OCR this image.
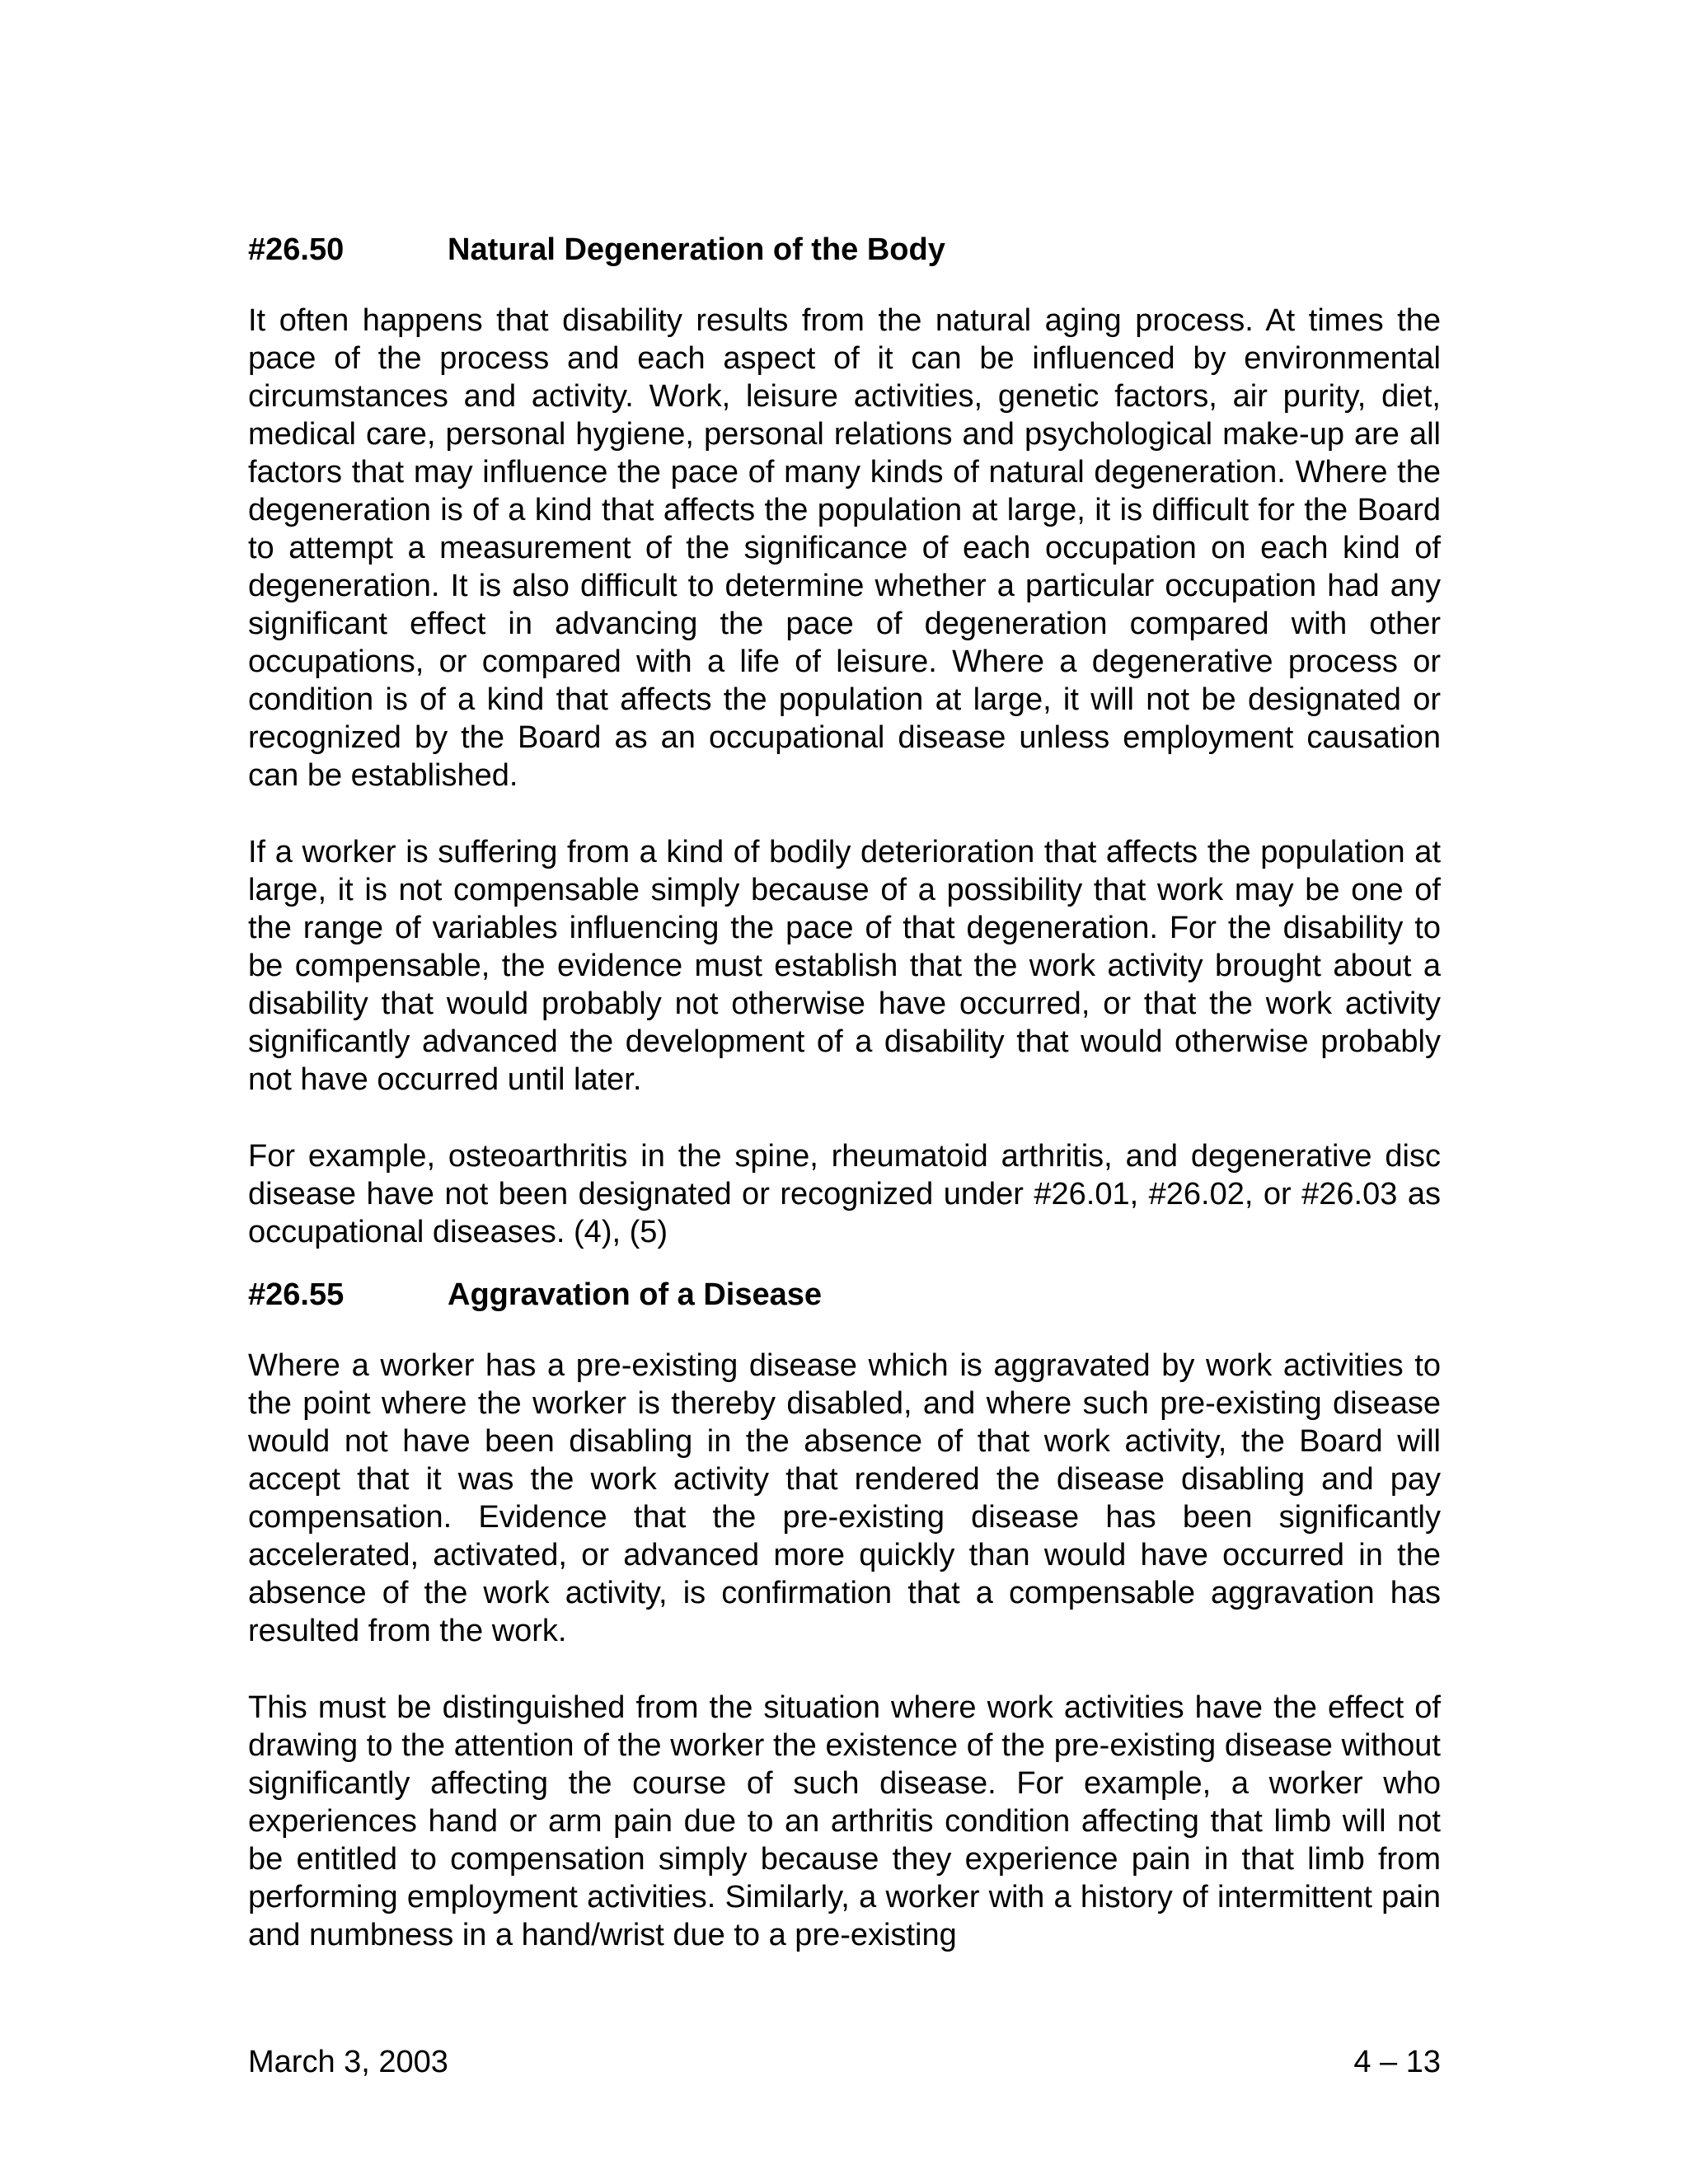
#26.50	Natural Degeneration of the Body

It often happens that disability results from the natural aging process. At times the pace of the process and each aspect of it can be influenced by environmental circumstances and activity. Work, leisure activities, genetic factors, air purity, diet, medical care, personal hygiene, personal relations and psychological make-up are all factors that may influence the pace of many kinds of natural degeneration. Where the degeneration is of a kind that affects the population at large, it is difficult for the Board to attempt a measurement of the significance of each occupation on each kind of degeneration. It is also difficult to determine whether a particular occupation had any significant effect in advancing the pace of degeneration compared with other occupations, or compared with a life of leisure. Where a degenerative process or condition is of a kind that affects the population at large, it will not be designated or recognized by the Board as an occupational disease unless employment causation can be established.

If a worker is suffering from a kind of bodily deterioration that affects the population at large, it is not compensable simply because of a possibility that work may be one of the range of variables influencing the pace of that degeneration. For the disability to be compensable, the evidence must establish that the work activity brought about a disability that would probably not otherwise have occurred, or that the work activity significantly advanced the development of a disability that would otherwise probably not have occurred until later.

For example, osteoarthritis in the spine, rheumatoid arthritis, and degenerative disc disease have not been designated or recognized under #26.01, #26.02, or #26.03 as occupational diseases. (4), (5)

#26.55	Aggravation of a Disease

Where a worker has a pre-existing disease which is aggravated by work activities to the point where the worker is thereby disabled, and where such pre-existing disease would not have been disabling in the absence of that work activity, the Board will accept that it was the work activity that rendered the disease disabling and pay compensation. Evidence that the pre-existing disease has been significantly accelerated, activated, or advanced more quickly than would have occurred in the absence of the work activity, is confirmation that a compensable aggravation has resulted from the work.

This must be distinguished from the situation where work activities have the effect of drawing to the attention of the worker the existence of the pre-existing disease without significantly affecting the course of such disease. For example, a worker who experiences hand or arm pain due to an arthritis condition affecting that limb will not be entitled to compensation simply because they experience pain in that limb from performing employment activities. Similarly, a worker with a history of intermittent pain and numbness in a hand/wrist due to a pre-existing

March 3, 2003	4 – 13
